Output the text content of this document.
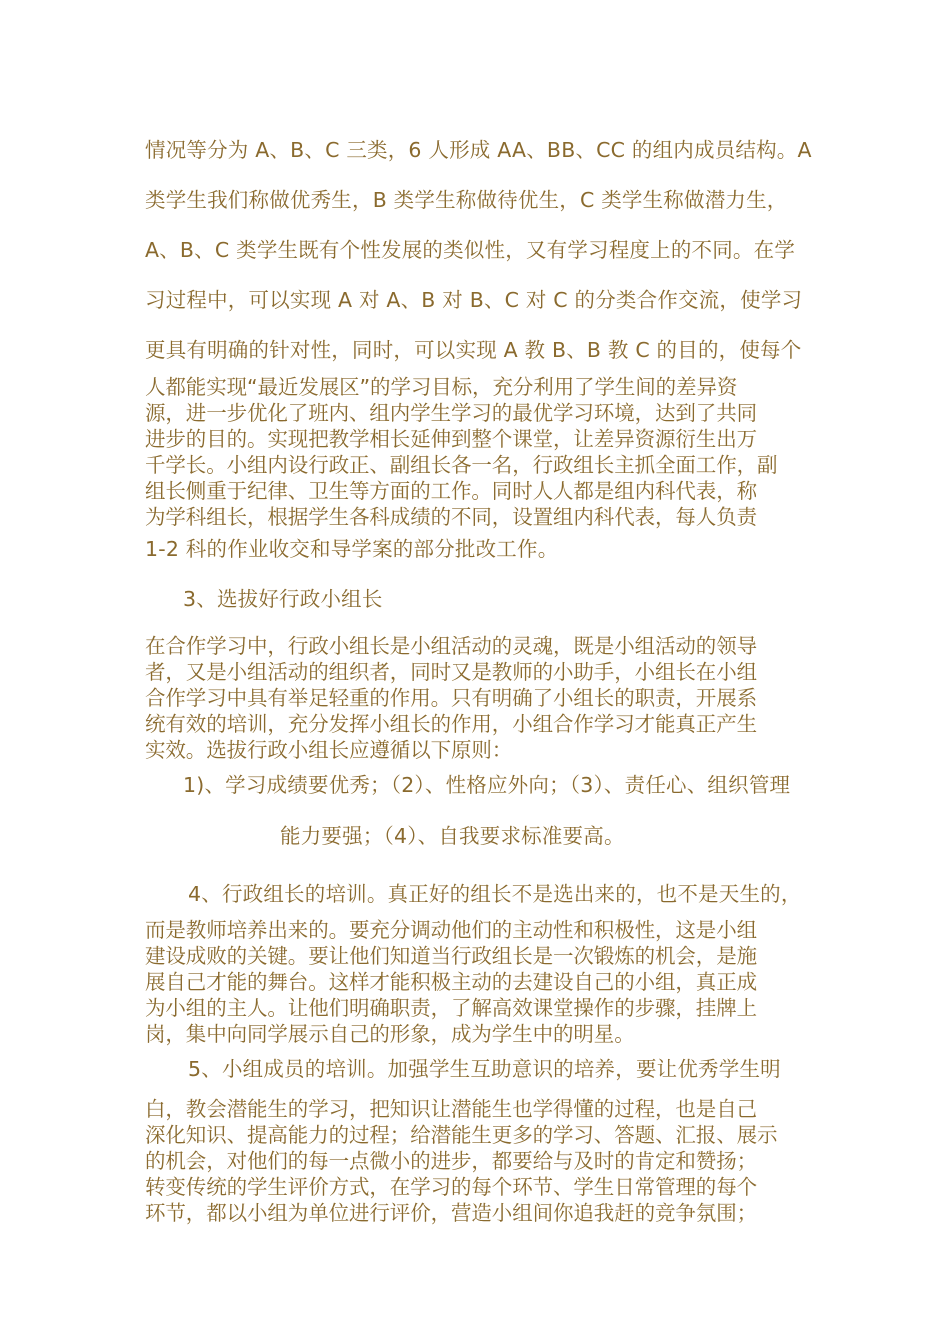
情况等分为 A、B、C 三类，6 人形成 AA、BB、CC 的组内成员结构。A
类学生我们称做优秀生，B 类学生称做待优生，C 类学生称做潜力生，
A、B、C 类学生既有个性发展的类似性，又有学习程度上的不同。在学
习过程中，可以实现 A 对 A、B 对 B、C 对 C 的分类合作交流，使学习
更具有明确的针对性，同时，可以实现 A 教 B、B 教 C 的目的，使每个
人都能实现“最近发展区”的学习目标，充分利用了学生间的差异资
源，进一步优化了班内、组内学生学习的最优学习环境，达到了共同
进步的目的。实现把教学相长延伸到整个课堂，让差异资源衍生出万
千学长。小组内设行政正、副组长各一名，行政组长主抓全面工作，副
组长侧重于纪律、卫生等方面的工作。同时人人都是组内科代表，称
为学科组长，根据学生各科成绩的不同，设置组内科代表，每人负责
1-2 科的作业收交和导学案的部分批改工作。
3、选拔好行政小组长
在合作学习中，行政小组长是小组活动的灵魂，既是小组活动的领导
者，又是小组活动的组织者，同时又是教师的小助手，小组长在小组
合作学习中具有举足轻重的作用。只有明确了小组长的职责，开展系
统有效的培训，充分发挥小组长的作用，小组合作学习才能真正产生
实效。选拔行政小组长应遵循以下原则：
1)、学习成绩要优秀；（2）、性格应外向；（3）、责任心、组织管理
能力要强；（4）、自我要求标准要高。
4、行政组长的培训。真正好的组长不是选出来的，也不是天生的，
而是教师培养出来的。要充分调动他们的主动性和积极性，这是小组
建设成败的关键。要让他们知道当行政组长是一次锻炼的机会，是施
展自己才能的舞台。这样才能积极主动的去建设自己的小组，真正成
为小组的主人。让他们明确职责，了解高效课堂操作的步骤，挂牌上
岗，集中向同学展示自己的形象，成为学生中的明星。
5、小组成员的培训。加强学生互助意识的培养，要让优秀学生明
白，教会潜能生的学习，把知识让潜能生也学得懂的过程，也是自己
深化知识、提高能力的过程；给潜能生更多的学习、答题、汇报、展示
的机会，对他们的每一点微小的进步，都要给与及时的肯定和赞扬；
转变传统的学生评价方式，在学习的每个环节、学生日常管理的每个
环节，都以小组为单位进行评价，营造小组间你追我赶的竞争氛围；
